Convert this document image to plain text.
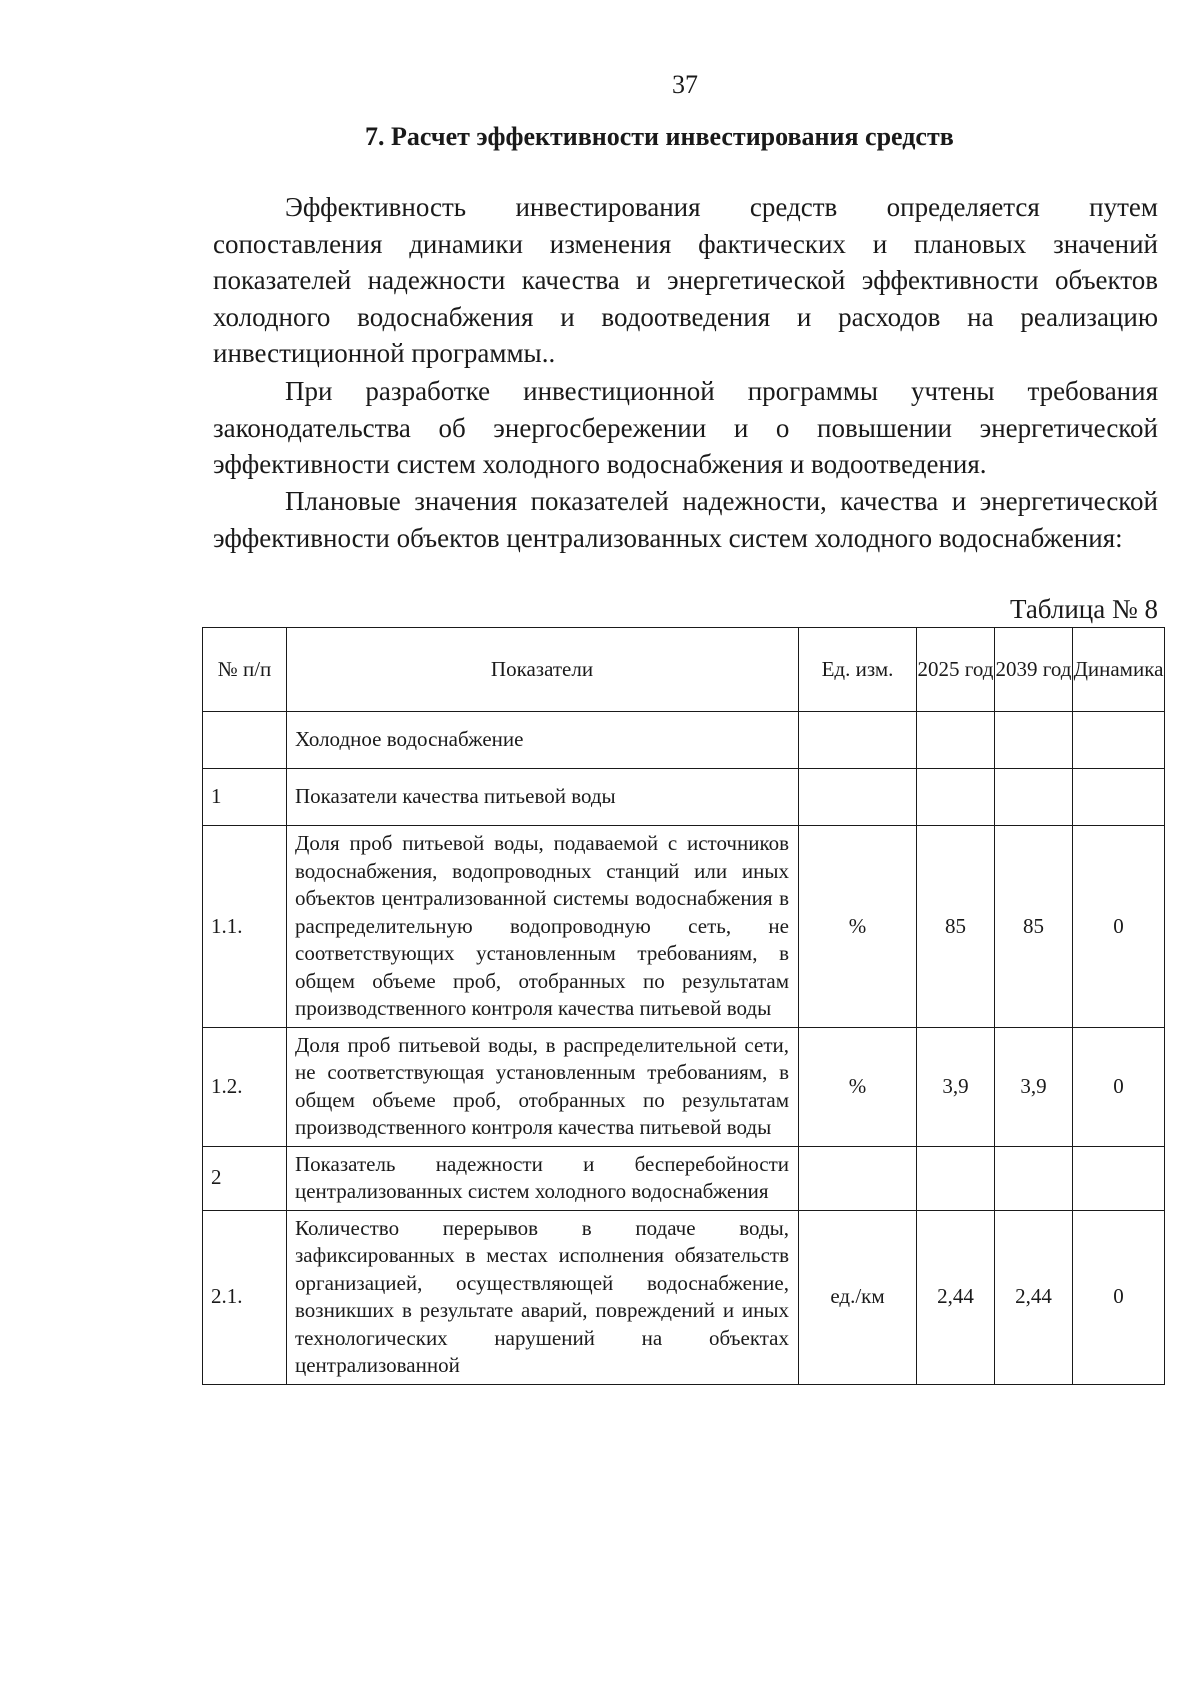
37
7. Расчет эффективности инвестирования средств
Эффективность инвестирования средств определяется путем сопоставления динамики изменения фактических и плановых значений показателей надежности качества и энергетической эффективности объектов холодного водоснабжения и водоотведения и расходов на реализацию инвестиционной программы..
При разработке инвестиционной программы учтены требования законодательства об энергосбережении и о повышении энергетической эффективности систем холодного водоснабжения и водоотведения.
Плановые значения показателей надежности, качества и энергетической эффективности объектов централизованных систем холодного водоснабжения:
Таблица № 8
№ п/п	Показатели	Ед. изм.	2025 год	2039 год	Динамика
	Холодное водоснабжение				
1	Показатели качества питьевой воды				
1.1.	Доля проб питьевой воды, подаваемой с источников водоснабжения, водопроводных станций или иных объектов централизованной системы водоснабжения в распределительную водопроводную сеть, не соответствующих установленным требованиям, в общем объеме проб, отобранных по результатам производственного контроля качества питьевой воды	%	85	85	0
1.2.	Доля проб питьевой воды, в распределительной сети, не соответствующая установленным требованиям, в общем объеме проб, отобранных по результатам производственного контроля качества питьевой воды	%	3,9	3,9	0
2	Показатель надежности и бесперебойности централизованных систем холодного водоснабжения				
2.1.	Количество перерывов в подаче воды, зафиксированных в местах исполнения обязательств организацией, осуществляющей водоснабжение, возникших в результате аварий, повреждений и иных технологических нарушений на объектах централизованной	ед./км	2,44	2,44	0
